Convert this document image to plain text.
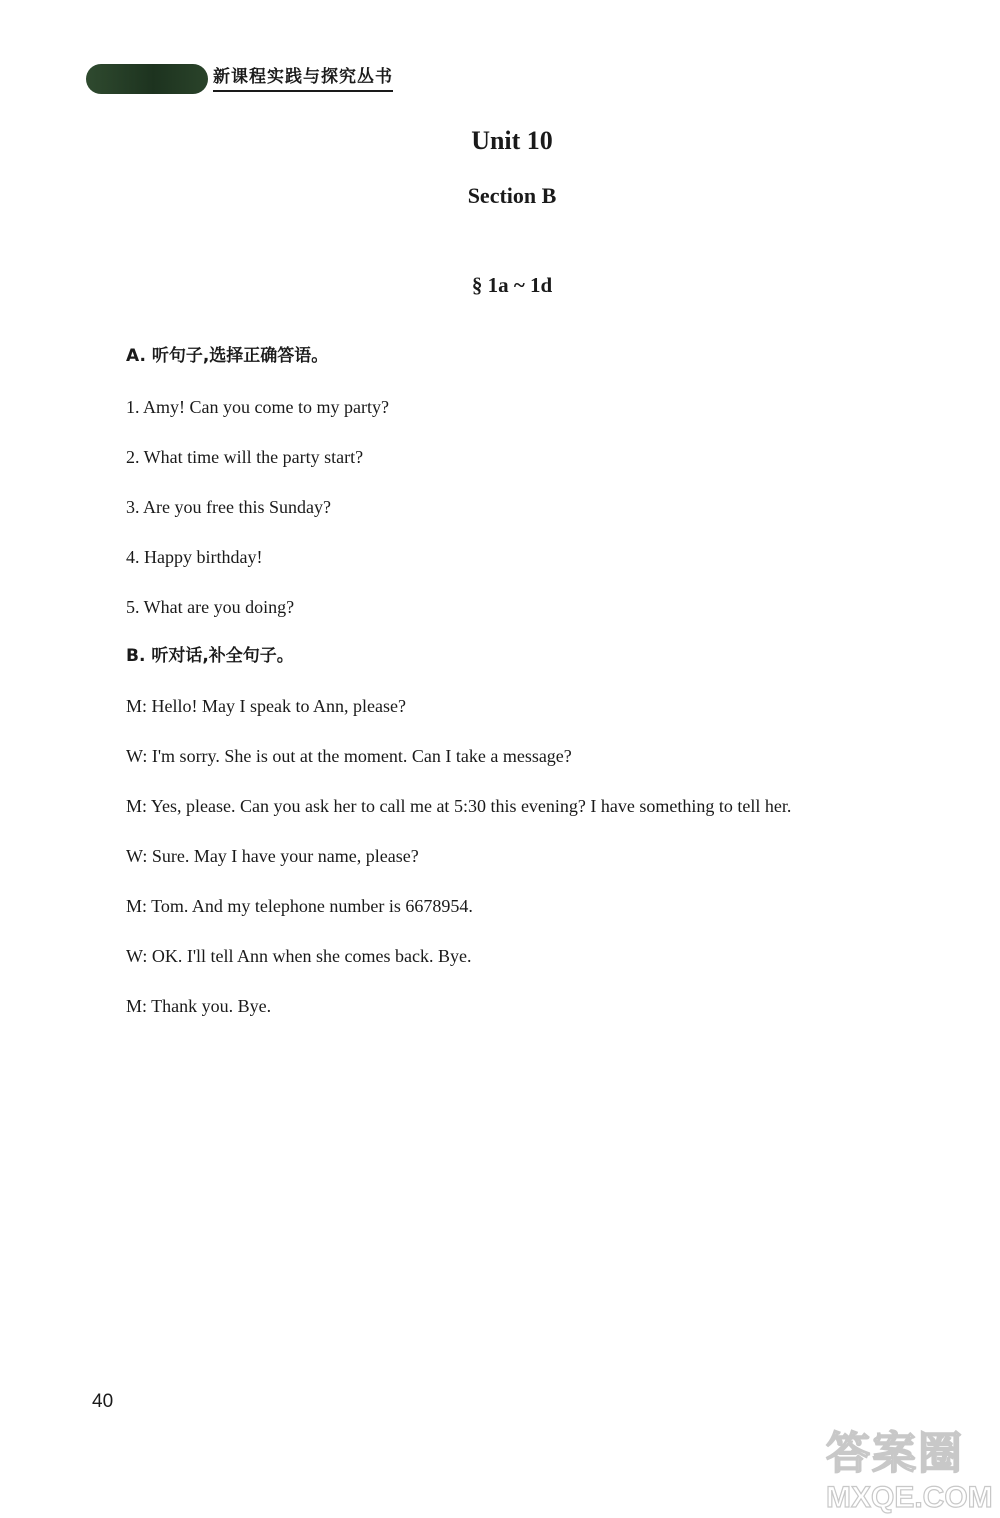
新课程实践与探究丛书
Unit 10
Section B
§ 1a ~ 1d
A. 听句子,选择正确答语。
1. Amy! Can you come to my party?
2. What time will the party start?
3. Are you free this Sunday?
4. Happy birthday!
5. What are you doing?
B. 听对话,补全句子。
M: Hello! May I speak to Ann, please?
W: I'm sorry. She is out at the moment. Can I take a message?
M: Yes, please. Can you ask her to call me at 5:30 this evening? I have something to tell her.
W: Sure. May I have your name, please?
M: Tom. And my telephone number is 6678954.
W: OK. I'll tell Ann when she comes back. Bye.
M: Thank you. Bye.
40
答案圈
MXQE.COM
